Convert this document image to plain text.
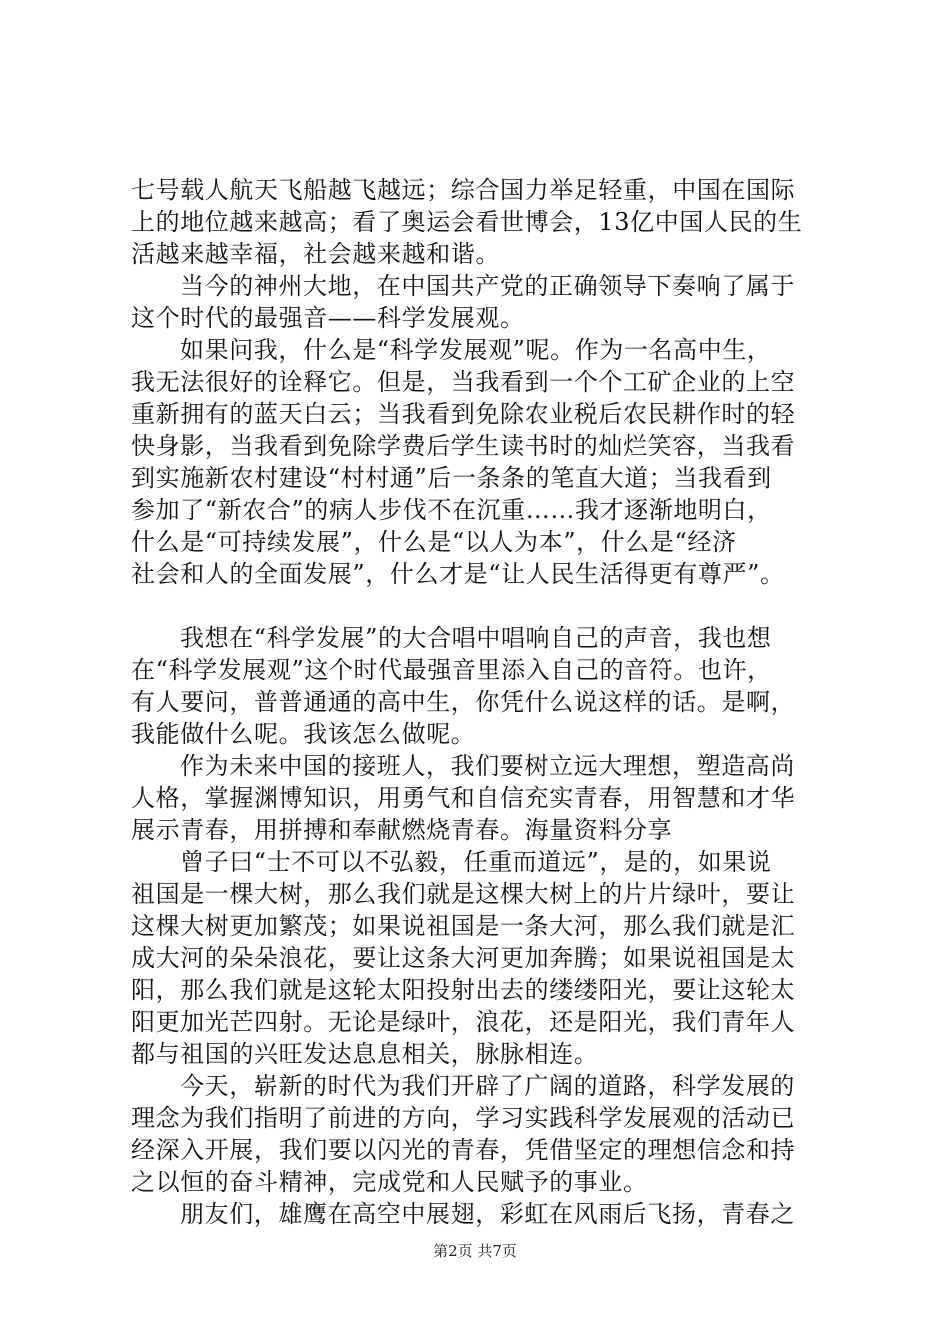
七号载人航天飞船越飞越远；综合国力举足轻重，中国在国际
上的地位越来越高；看了奥运会看世博会，13亿中国人民的生
活越来越幸福，社会越来越和谐。
当今的神州大地，在中国共产党的正确领导下奏响了属于
这个时代的最强音——科学发展观。
如果问我，什么是“科学发展观”呢。作为一名高中生，
我无法很好的诠释它。但是，当我看到一个个工矿企业的上空
重新拥有的蓝天白云；当我看到免除农业税后农民耕作时的轻
快身影，当我看到免除学费后学生读书时的灿烂笑容，当我看
到实施新农村建设“村村通”后一条条的笔直大道；当我看到
参加了“新农合”的病人步伐不在沉重……我才逐渐地明白，
什么是“可持续发展”，什么是“以人为本”，什么是“经济
社会和人的全面发展”，什么才是“让人民生活得更有尊严”。
我想在“科学发展”的大合唱中唱响自己的声音，我也想
在“科学发展观”这个时代最强音里添入自己的音符。也许，
有人要问，普普通通的高中生，你凭什么说这样的话。是啊，
我能做什么呢。我该怎么做呢。
作为未来中国的接班人，我们要树立远大理想，塑造高尚
人格，掌握渊博知识，用勇气和自信充实青春，用智慧和才华
展示青春，用拼搏和奉献燃烧青春。海量资料分享
曾子曰“士不可以不弘毅，任重而道远”，是的，如果说
祖国是一棵大树，那么我们就是这棵大树上的片片绿叶，要让
这棵大树更加繁茂；如果说祖国是一条大河，那么我们就是汇
成大河的朵朵浪花，要让这条大河更加奔腾；如果说祖国是太
阳，那么我们就是这轮太阳投射出去的缕缕阳光，要让这轮太
阳更加光芒四射。无论是绿叶，浪花，还是阳光，我们青年人
都与祖国的兴旺发达息息相关，脉脉相连。
今天，崭新的时代为我们开辟了广阔的道路，科学发展的
理念为我们指明了前进的方向，学习实践科学发展观的活动已
经深入开展，我们要以闪光的青春，凭借坚定的理想信念和持
之以恒的奋斗精神，完成党和人民赋予的事业。
朋友们，雄鹰在高空中展翅，彩虹在风雨后飞扬，青春之
第2页 共7页
